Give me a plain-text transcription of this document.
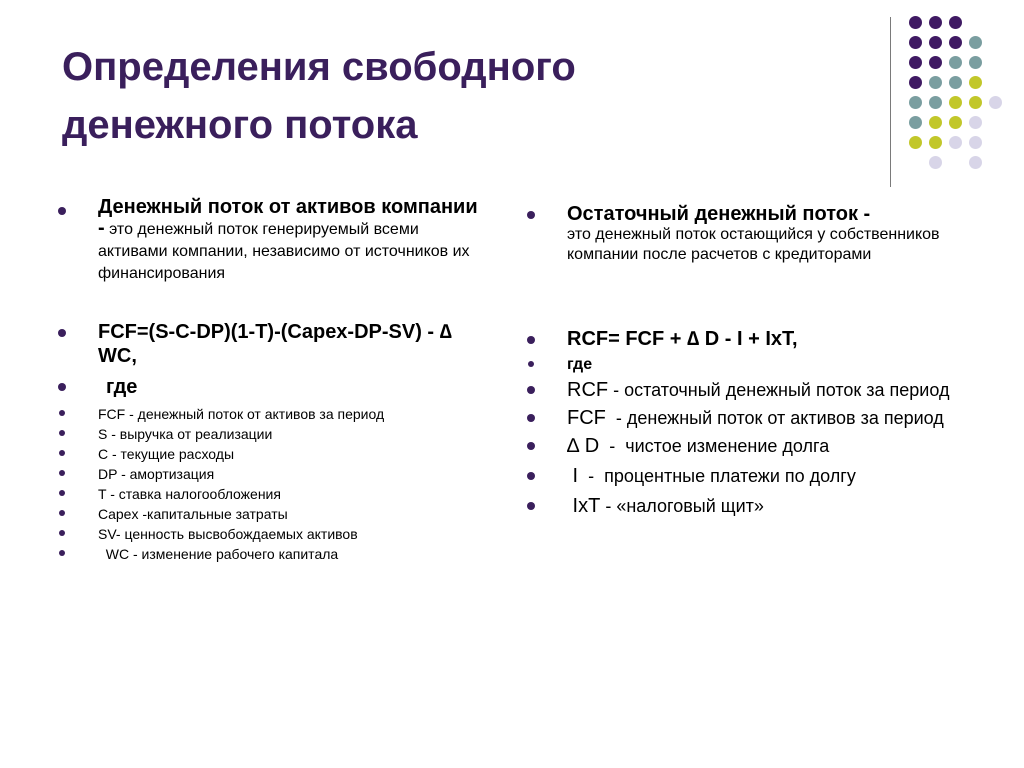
Определения свободного
денежного потока
Денежный поток от активов компании - это денежный поток генерируемый всеми активами компании, независимо от источников их финансирования
FCF=(S-C-DP)(1-T)-(Capex-DP-SV) - ∆ WC,
где
FCF - денежный поток от активов за период
S - выручка от реализации
С - текущие расходы
DP - амортизация
T - ставка налогообложения
Capex -капитальные затраты
SV- ценность высвобождаемых активов
WC - изменение рабочего капитала
Остаточный денежный поток -
это денежный поток остающийся у собственников компании после расчетов с кредиторами
RCF= FCF + ∆ D - I + IxT,
где
RCF - остаточный денежный поток за период
FCF  - денежный поток от активов за период
∆ D  -  чистое изменение долга
I  -  процентные платежи по долгу
IxT - «налоговый щит»
